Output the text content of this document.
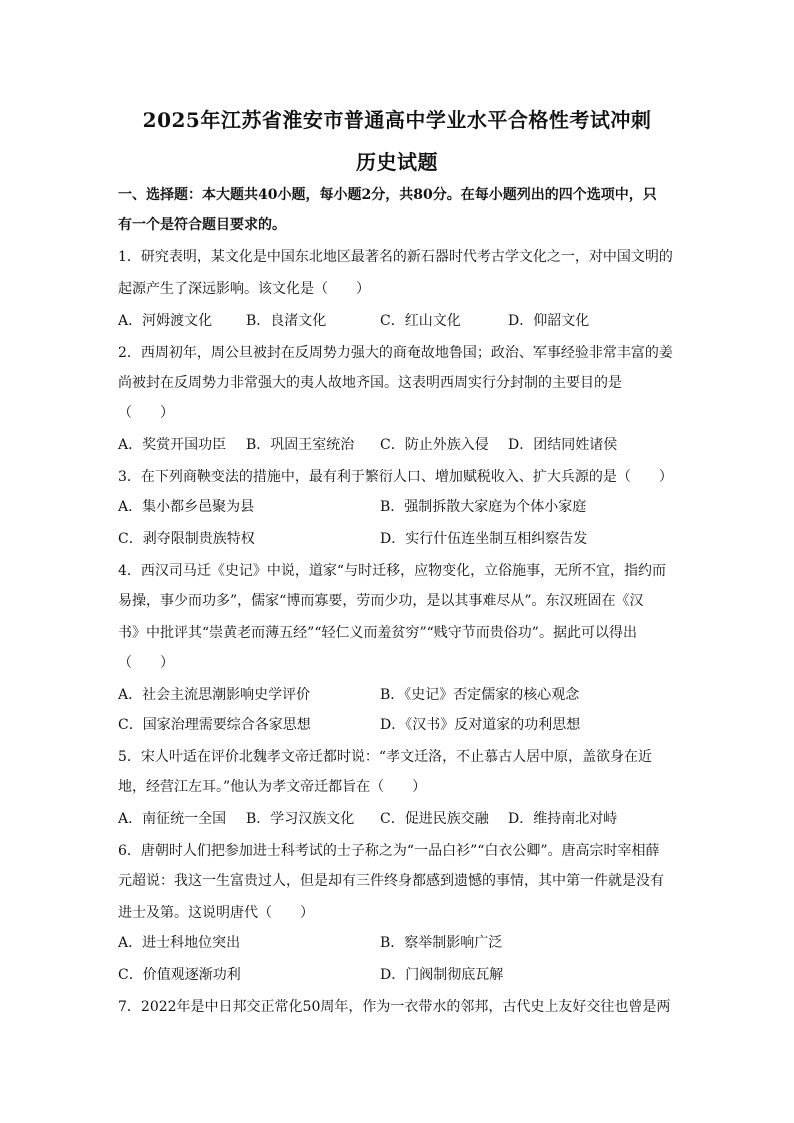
2025年江苏省淮安市普通高中学业水平合格性考试冲刺
历史试题
一、选择题：本大题共40小题，每小题2分，共80分。在每小题列出的四个选项中，只
有一个是符合题目要求的。
1．研究表明，某文化是中国东北地区最著名的新石器时代考古学文化之一，对中国文明的
起源产生了深远影响。该文化是（　　）
A．河姆渡文化 B．良渚文化	C．红山文化	D．仰韶文化
2．西周初年，周公旦被封在反周势力强大的商奄故地鲁国；政治、军事经验非常丰富的姜
尚被封在反周势力非常强大的夷人故地齐国。这表明西周实行分封制的主要目的是
（　　）
A．奖赏开国功臣 B．巩固王室统治 C．防止外族入侵 D．团结同姓诸侯
3．在下列商鞅变法的措施中，最有利于繁衍人口、增加赋税收入、扩大兵源的是（　　）
A．集小都乡邑聚为县	B．强制拆散大家庭为个体小家庭
C．剥夺限制贵族特权	D．实行什伍连坐制互相纠察告发
4．西汉司马迁《史记》中说，道家“与时迁移，应物变化，立俗施事，无所不宜，指约而
易操，事少而功多”，儒家“博而寡要，劳而少功，是以其事难尽从”。东汉班固在《汉
书》中批评其“崇黄老而薄五经”“轻仁义而羞贫穷”“贱守节而贵俗功”。据此可以得出
（　　）
A．社会主流思潮影响史学评价	B．《史记》否定儒家的核心观念
C．国家治理需要综合各家思想	D．《汉书》反对道家的功利思想
5．宋人叶适在评价北魏孝文帝迁都时说：“孝文迁洛，不止慕古人居中原，盖欲身在近
地，经营江左耳。”他认为孝文帝迁都旨在（　　）
A．南征统一全国 B．学习汉族文化 C．促进民族交融 D．维持南北对峙
6．唐朝时人们把参加进士科考试的士子称之为“一品白衫”“白衣公卿”。唐高宗时宰相薛
元超说：我这一生富贵过人，但是却有三件终身都感到遗憾的事情，其中第一件就是没有
进士及第。这说明唐代（　　）
A．进士科地位突出	B．察举制影响广泛
C．价值观逐渐功利	D．门阀制彻底瓦解
7．2022年是中日邦交正常化50周年，作为一衣带水的邻邦，古代史上友好交往也曾是两
